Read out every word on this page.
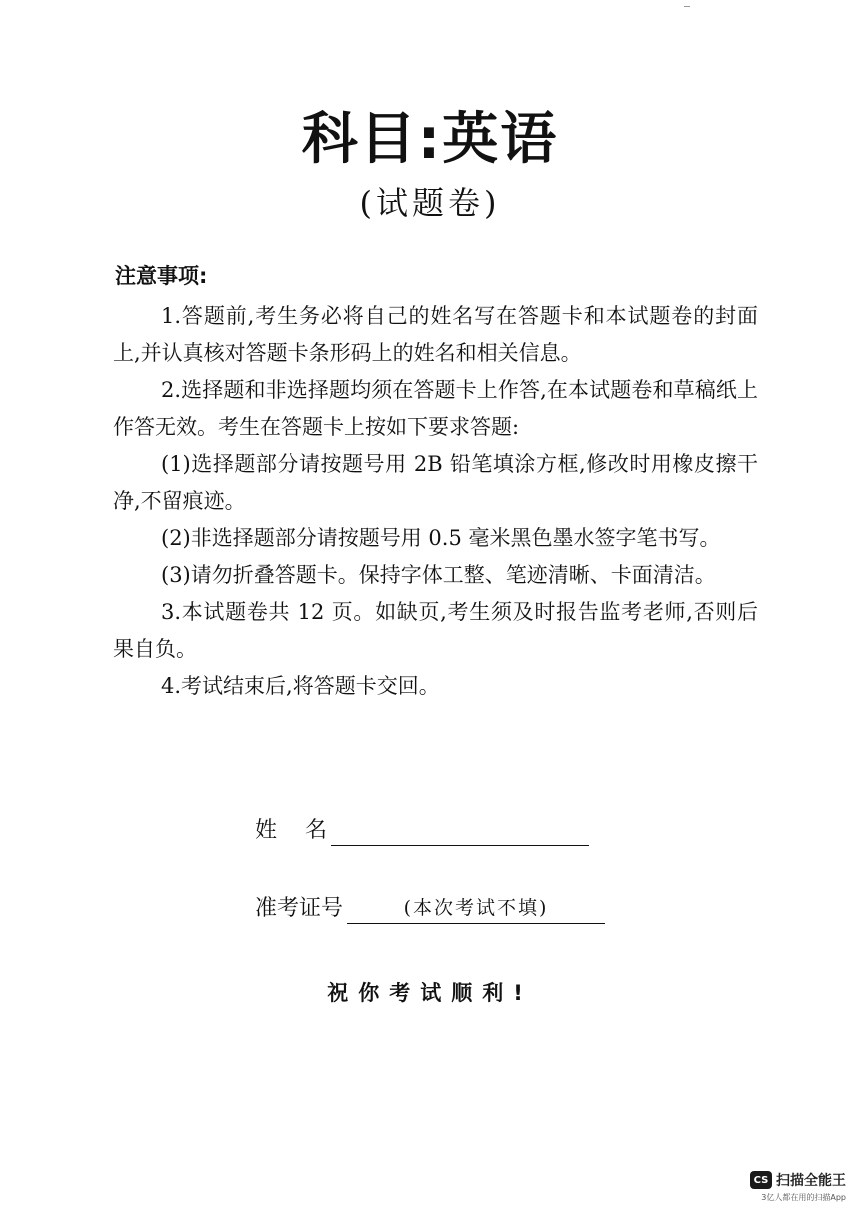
科目:英语
(试题卷)
注意事项:

1.答题前,考生务必将自己的姓名写在答题卡和本试题卷的封面上,并认真核对答题卡条形码上的姓名和相关信息。

2.选择题和非选择题均须在答题卡上作答,在本试题卷和草稿纸上作答无效。考生在答题卡上按如下要求答题:

(1)选择题部分请按题号用 2B 铅笔填涂方框,修改时用橡皮擦干净,不留痕迹。

(2)非选择题部分请按题号用 0.5 毫米黑色墨水签字笔书写。

(3)请勿折叠答题卡。保持字体工整、笔迹清晰、卡面清洁。

3.本试题卷共 12 页。如缺页,考生须及时报告监考老师,否则后果自负。

4.考试结束后,将答题卡交回。

姓    名
准考证号	(本次考试不填)
祝你考试顺利!
CS 扫描全能王
3亿人都在用的扫描App
